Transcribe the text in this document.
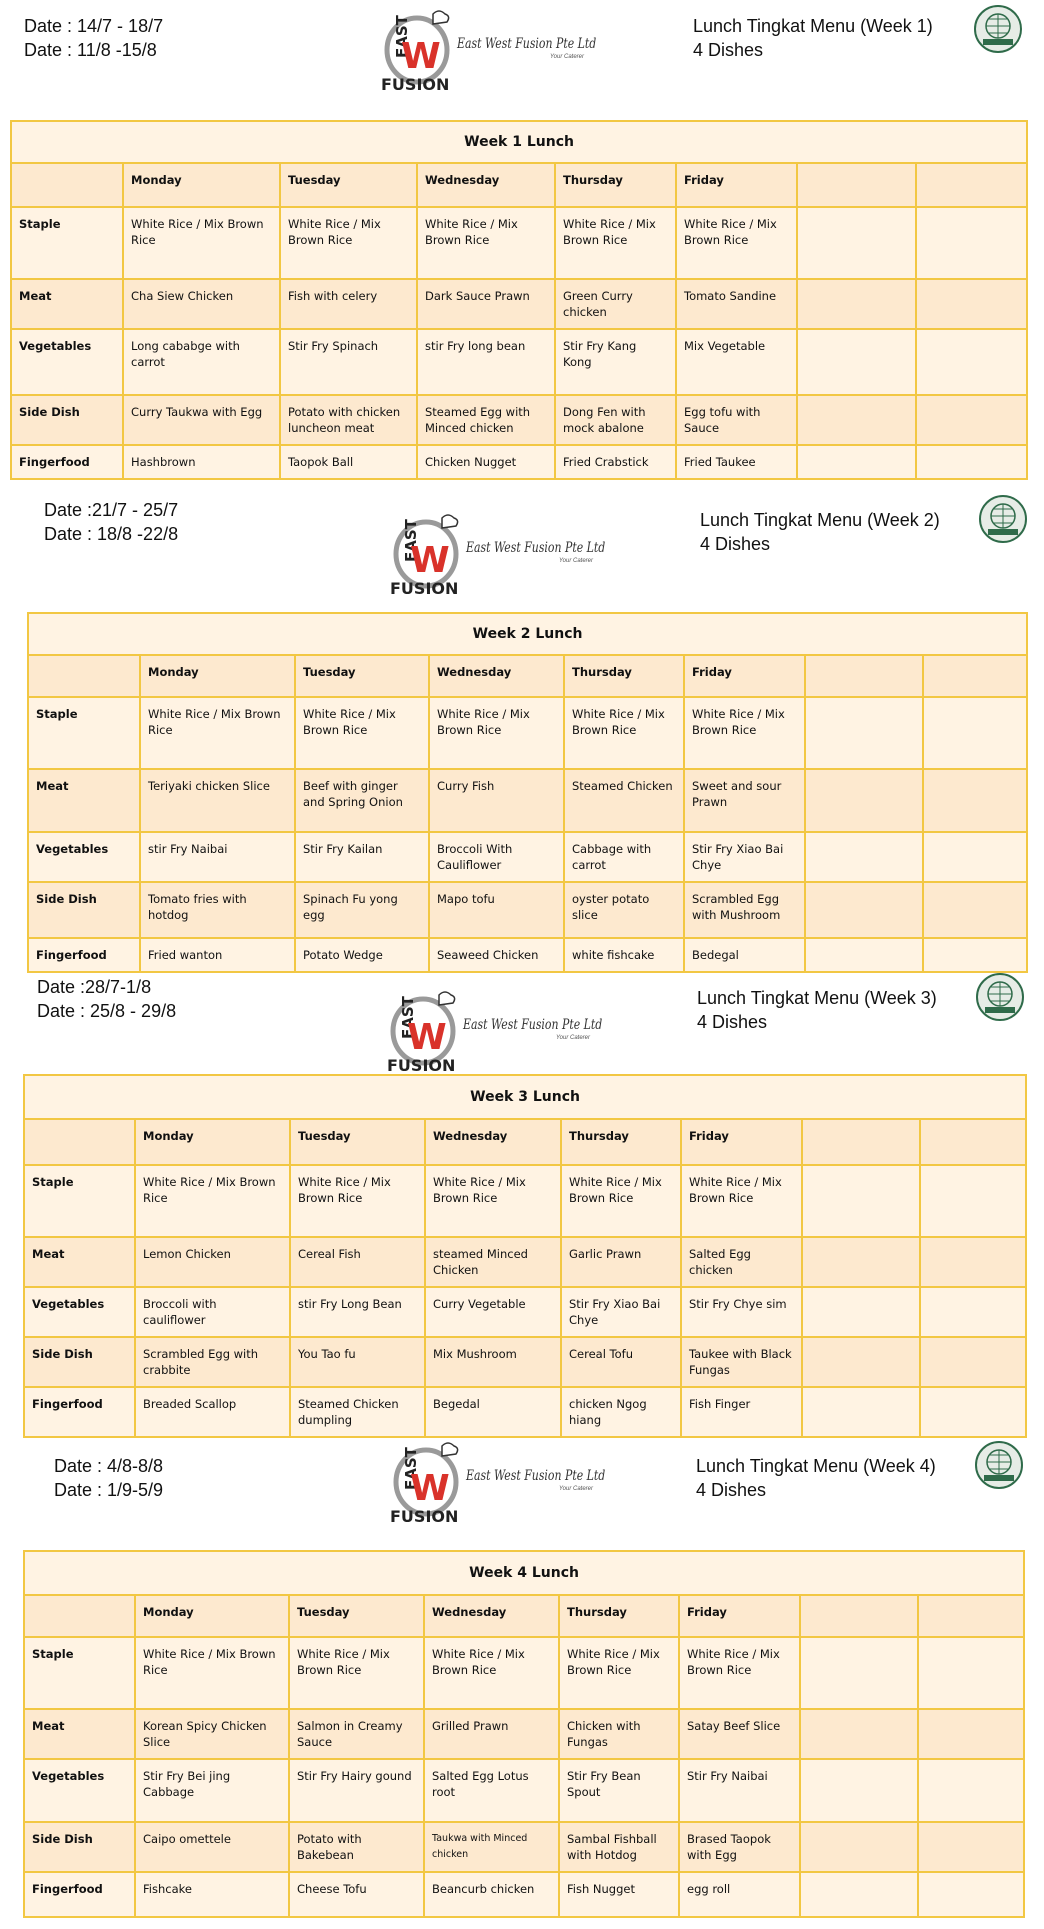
Date : 14/7 - 18/7
Date : 11/8 -15/8	EAST
W
FUSION
East West Fusion Pte Ltd
Your Caterer
Lunch Tingkat Menu (Week 1)
4 Dishes
Week 1 Lunch							
	Monday	Tuesday	Wednesday	Thursday	Friday		
Staple	White Rice / Mix Brown Rice	White Rice / Mix Brown Rice	White Rice / Mix Brown Rice	White Rice / Mix Brown Rice	White Rice / Mix Brown Rice		
Meat	Cha Siew Chicken	Fish with celery	Dark Sauce Prawn	Green Curry chicken	Tomato Sandine		
Vegetables	Long cababge with carrot	Stir Fry Spinach	stir Fry long bean	Stir Fry Kang Kong	Mix Vegetable		
Side Dish	Curry Taukwa with Egg	Potato with chicken luncheon meat	Steamed Egg with Minced chicken	Dong Fen with mock abalone	Egg tofu with Sauce		
Fingerfood	Hashbrown	Taopok Ball	Chicken Nugget	Fried Crabstick	Fried Taukee		
Date :21/7 - 25/7
Date : 18/8 -22/8	EAST
W
FUSION
East West Fusion Pte Ltd
Your Caterer
Lunch Tingkat Menu (Week 2)
4 Dishes
Week 2 Lunch							
	Monday	Tuesday	Wednesday	Thursday	Friday		
Staple	White Rice / Mix Brown Rice	White Rice / Mix Brown Rice	White Rice / Mix Brown Rice	White Rice / Mix Brown Rice	White Rice / Mix Brown Rice		
Meat	Teriyaki chicken Slice	Beef with ginger and Spring Onion	Curry Fish	Steamed Chicken	Sweet and sour Prawn		
Vegetables	stir Fry Naibai	Stir Fry Kailan	Broccoli With Cauliflower	Cabbage with carrot	Stir Fry Xiao Bai Chye		
Side Dish	Tomato fries with hotdog	Spinach Fu yong egg	Mapo tofu	oyster potato slice	Scrambled Egg with Mushroom		
Fingerfood	Fried wanton	Potato Wedge	Seaweed Chicken	white fishcake	Bedegal		
Date :28/7-1/8
Date : 25/8 - 29/8	EAST
W
FUSION
East West Fusion Pte Ltd
Your Caterer
Lunch Tingkat Menu (Week 3)
4 Dishes
Week 3 Lunch							
	Monday	Tuesday	Wednesday	Thursday	Friday		
Staple	White Rice / Mix Brown Rice	White Rice / Mix Brown Rice	White Rice / Mix Brown Rice	White Rice / Mix Brown Rice	White Rice / Mix Brown Rice		
Meat	Lemon Chicken	Cereal Fish	steamed Minced Chicken	Garlic Prawn	Salted Egg chicken		
Vegetables	Broccoli with cauliflower	stir Fry Long Bean	Curry Vegetable	Stir Fry Xiao Bai Chye	Stir Fry Chye sim		
Side Dish	Scrambled Egg with crabbite	You Tao fu	Mix Mushroom	Cereal Tofu	Taukee with Black Fungas		
Fingerfood	Breaded Scallop	Steamed Chicken dumpling	Begedal	chicken Ngog hiang	Fish Finger		
Date : 4/8-8/8
Date : 1/9-5/9	EAST
W
FUSION
East West Fusion Pte Ltd
Your Caterer
Lunch Tingkat Menu (Week 4)
4 Dishes
Week 4 Lunch							
	Monday	Tuesday	Wednesday	Thursday	Friday		
Staple	White Rice / Mix Brown Rice	White Rice / Mix Brown Rice	White Rice / Mix Brown Rice	White Rice / Mix Brown Rice	White Rice / Mix Brown Rice		
Meat	Korean Spicy Chicken Slice	Salmon in Creamy Sauce	Grilled Prawn	Chicken with Fungas	Satay Beef Slice		
Vegetables	Stir Fry Bei jing Cabbage	Stir Fry Hairy gound	Salted Egg Lotus root	Stir Fry Bean Spout	Stir Fry Naibai		
Side Dish	Caipo omettele	Potato with Bakebean	Taukwa with Minced chicken	Sambal Fishball with Hotdog	Brased Taopok with Egg		
Fingerfood	Fishcake	Cheese Tofu	Beancurb chicken	Fish Nugget	egg roll		
